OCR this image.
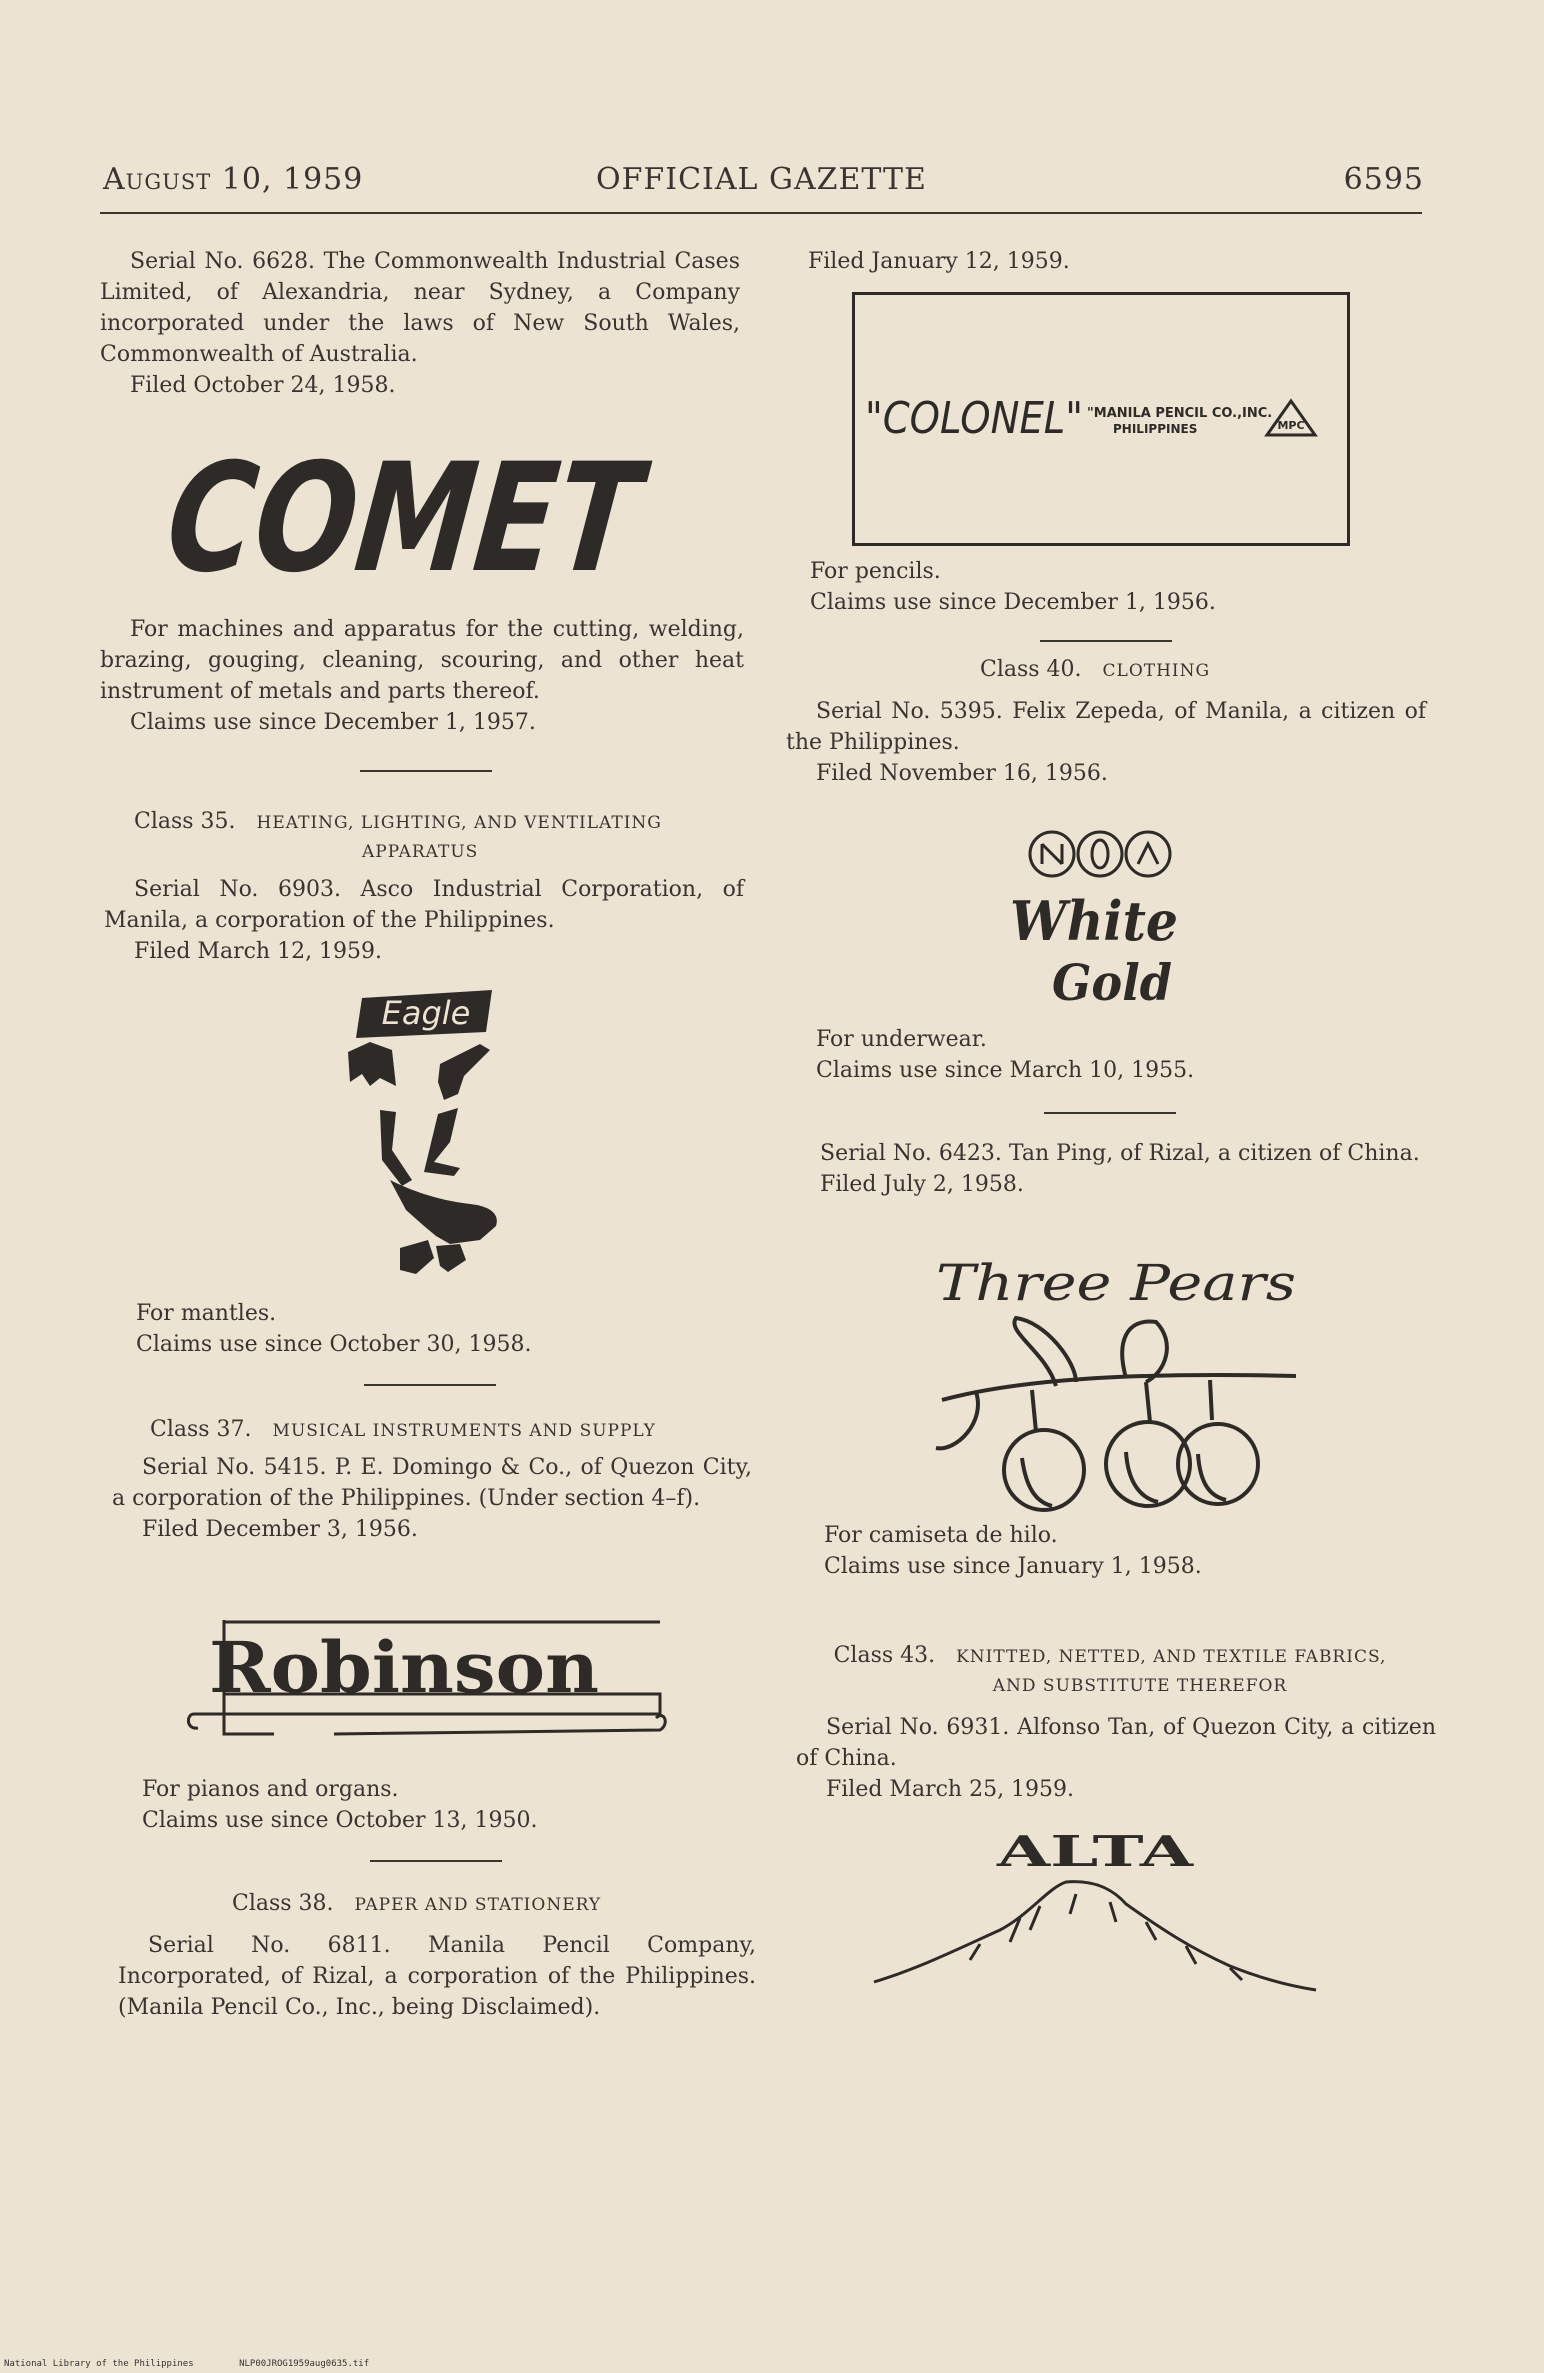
August 10, 1959	OFFICIAL GAZETTE	6595

Serial No. 6628. The Commonwealth Industrial Cases Limited, of Alexandria, near Sydney, a Company incorporated under the laws of New South Wales, Commonwealth of Australia.

Filed October 24, 1958.

COMET

For machines and apparatus for the cutting, welding, brazing, gouging, cleaning, scouring, and other heat instrument of metals and parts thereof.

Claims use since December 1, 1957.

Class 35. HEATING, LIGHTING, AND VENTILATING

APPARATUS

Serial No. 6903. Asco Industrial Corporation, of Manila, a corporation of the Philippines.

Filed March 12, 1959.

Eagle

For mantles.

Claims use since October 30, 1958.

Class 37. MUSICAL INSTRUMENTS AND SUPPLY

Serial No. 5415. P. E. Domingo & Co., of Quezon City, a corporation of the Philippines. (Under section 4–f).

Filed December 3, 1956.

Robinson

For pianos and organs.

Claims use since October 13, 1950.

Class 38. PAPER AND STATIONERY

Serial No. 6811. Manila Pencil Company, Incorporated, of Rizal, a corporation of the Philippines. (Manila Pencil Co., Inc., being Disclaimed).

Filed January 12, 1959.

"COLONEL" "MANILA PENCIL CO.,INC.
PHILIPPINES	MPC

For pencils.

Claims use since December 1, 1956.

Class 40. CLOTHING

Serial No. 5395. Felix Zepeda, of Manila, a citizen of the Philippines.

Filed November 16, 1956.

White
Gold

For underwear.

Claims use since March 10, 1955.

Serial No. 6423. Tan Ping, of Rizal, a citizen of China.

Filed July 2, 1958.

Three Pears

For camiseta de hilo.

Claims use since January 1, 1958.

Class 43. KNITTED, NETTED, AND TEXTILE FABRICS,

AND SUBSTITUTE THEREFOR

Serial No. 6931. Alfonso Tan, of Quezon City, a citizen of China.

Filed March 25, 1959.

ALTA
National Library of the Philippines	NLP00JROG1959aug0635.tif
